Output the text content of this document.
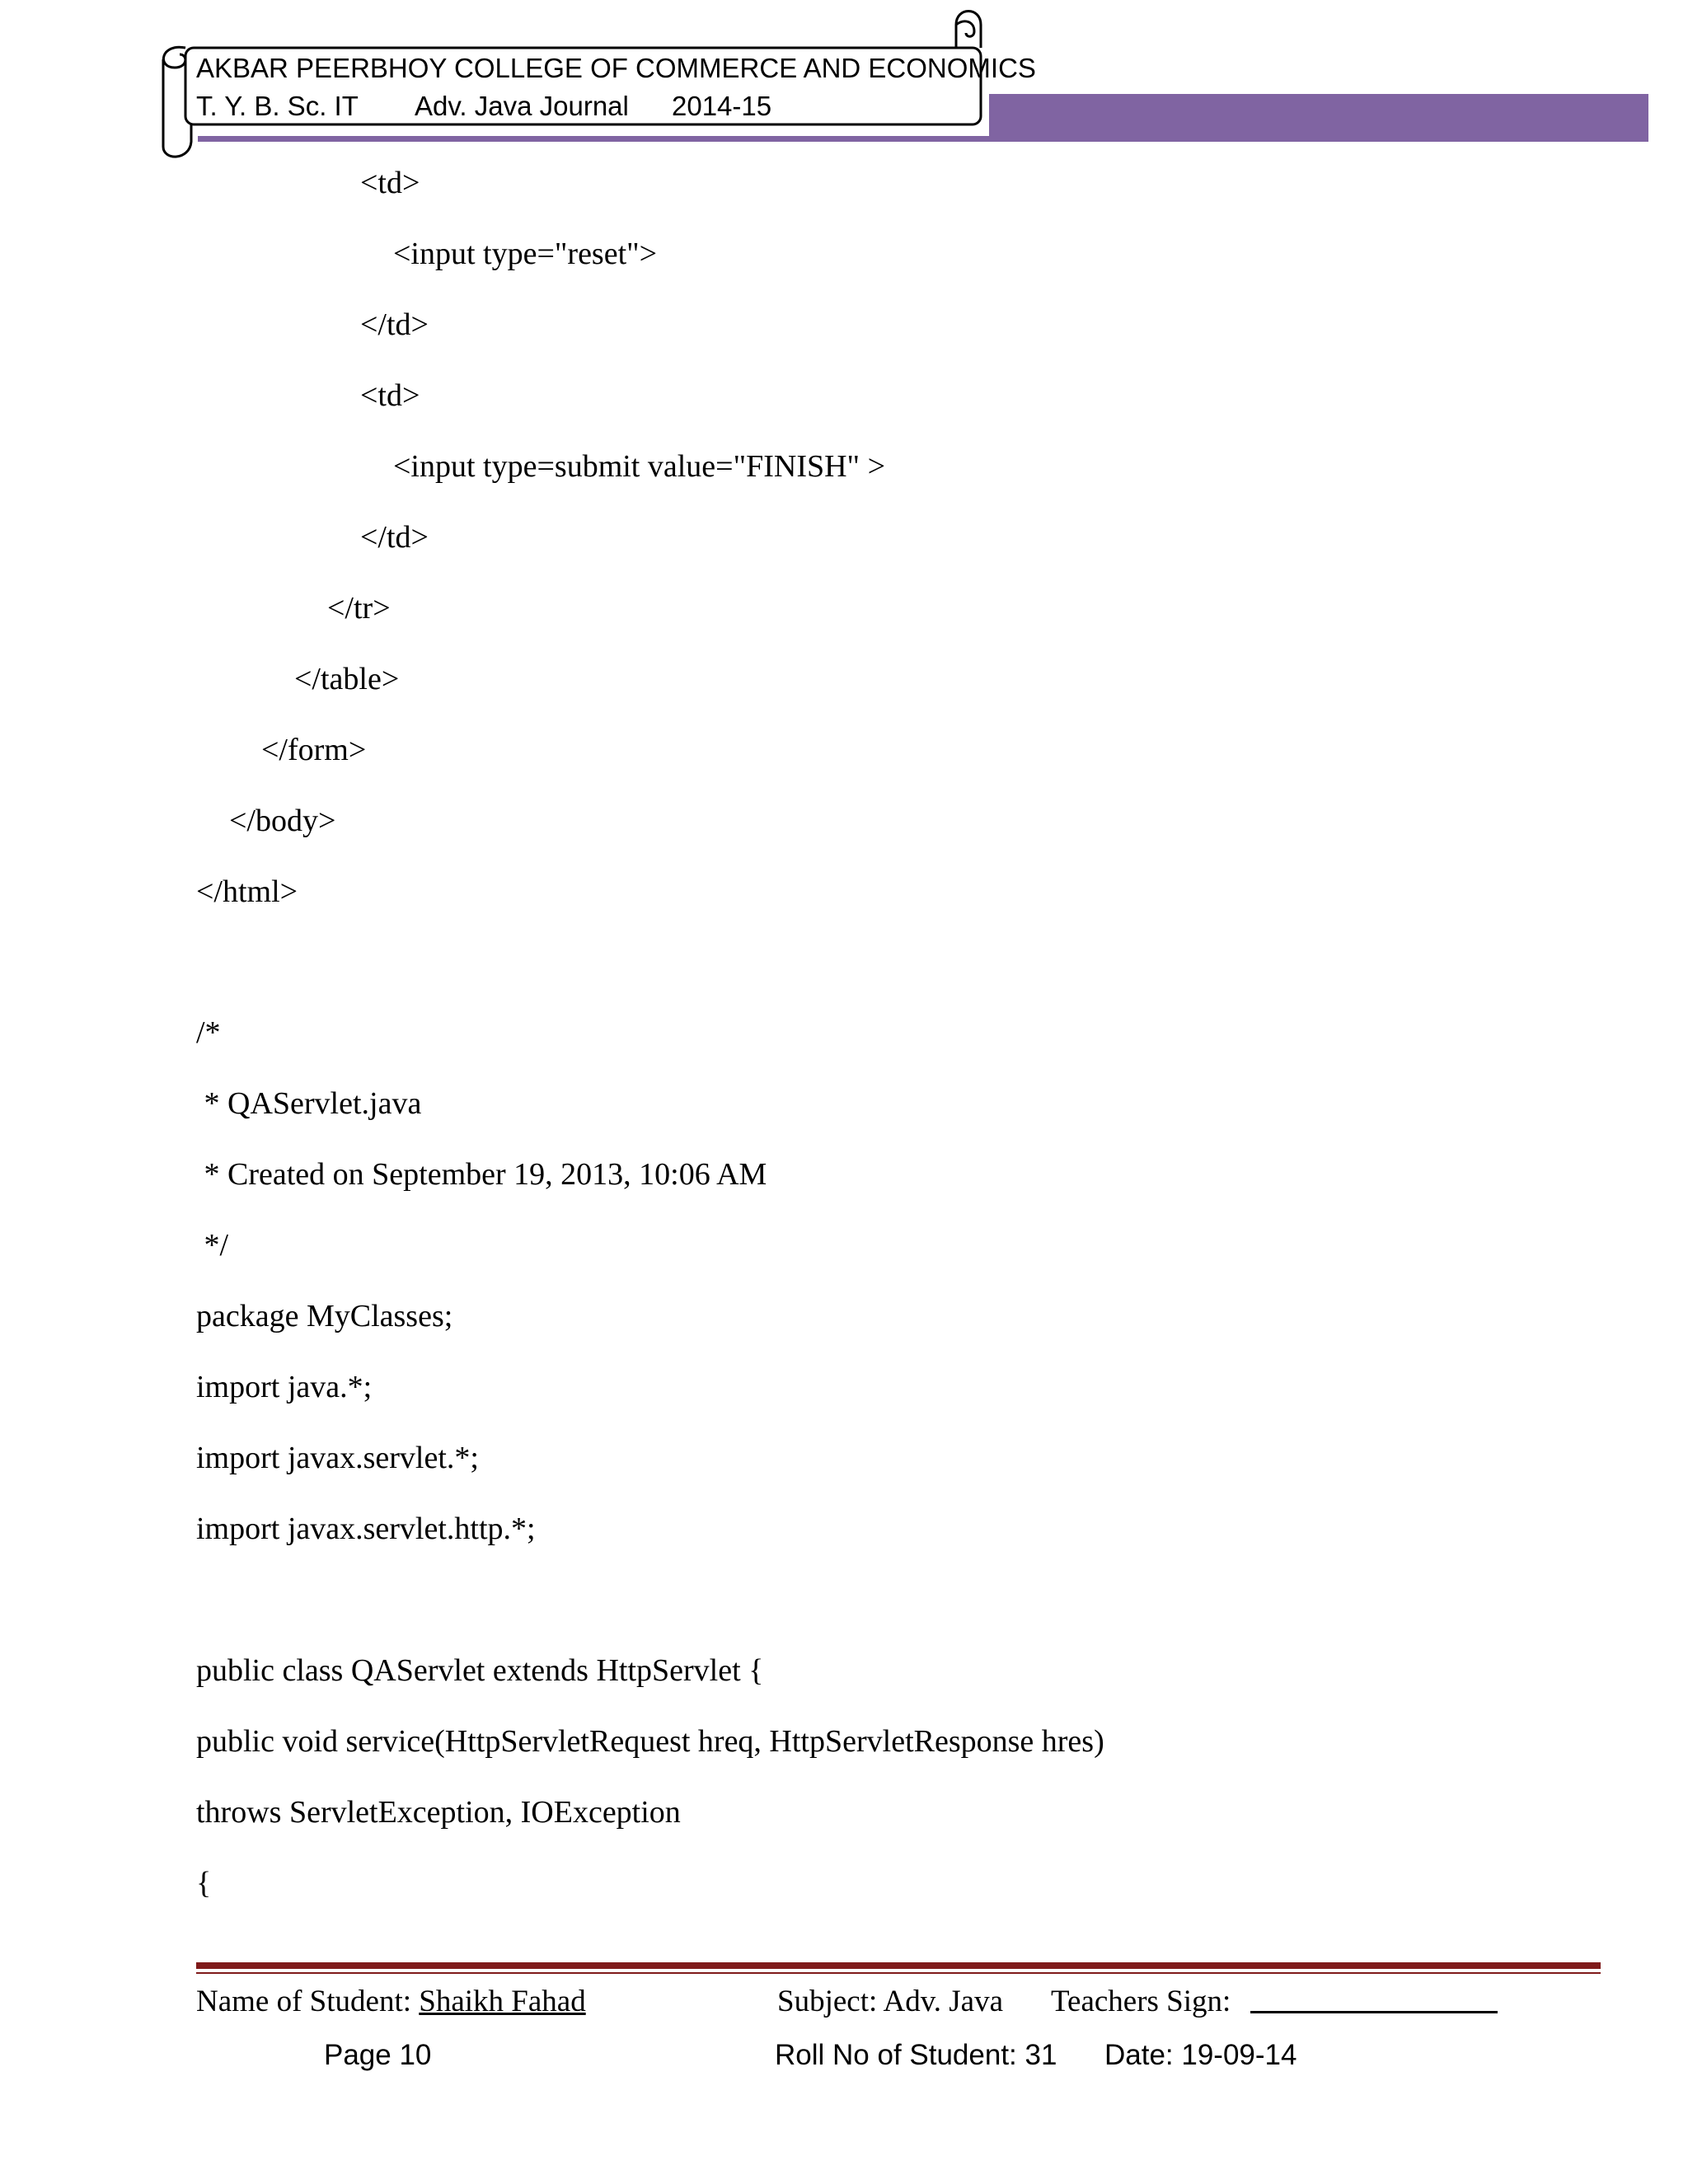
AKBAR PEERBHOY COLLEGE OF COMMERCE AND ECONOMICS
T. Y. B. Sc. IT Adv. Java Journal 2014-15
<td>
<input type="reset">
</td>
<td>
<input type=submit value="FINISH" >
</td>
</tr>
</table>
</form>
</body>
</html>
/*
* QAServlet.java
* Created on September 19, 2013, 10:06 AM
*/
package MyClasses;
import java.*;
import javax.servlet.*;
import javax.servlet.http.*;
public class QAServlet extends HttpServlet {
public void service(HttpServletRequest hreq, HttpServletResponse hres)
throws ServletException, IOException
{
Name of Student: Shaikh Fahad	Subject: Adv. Java Teachers Sign:
Page 10	Roll No of Student: 31 Date: 19-09-14
